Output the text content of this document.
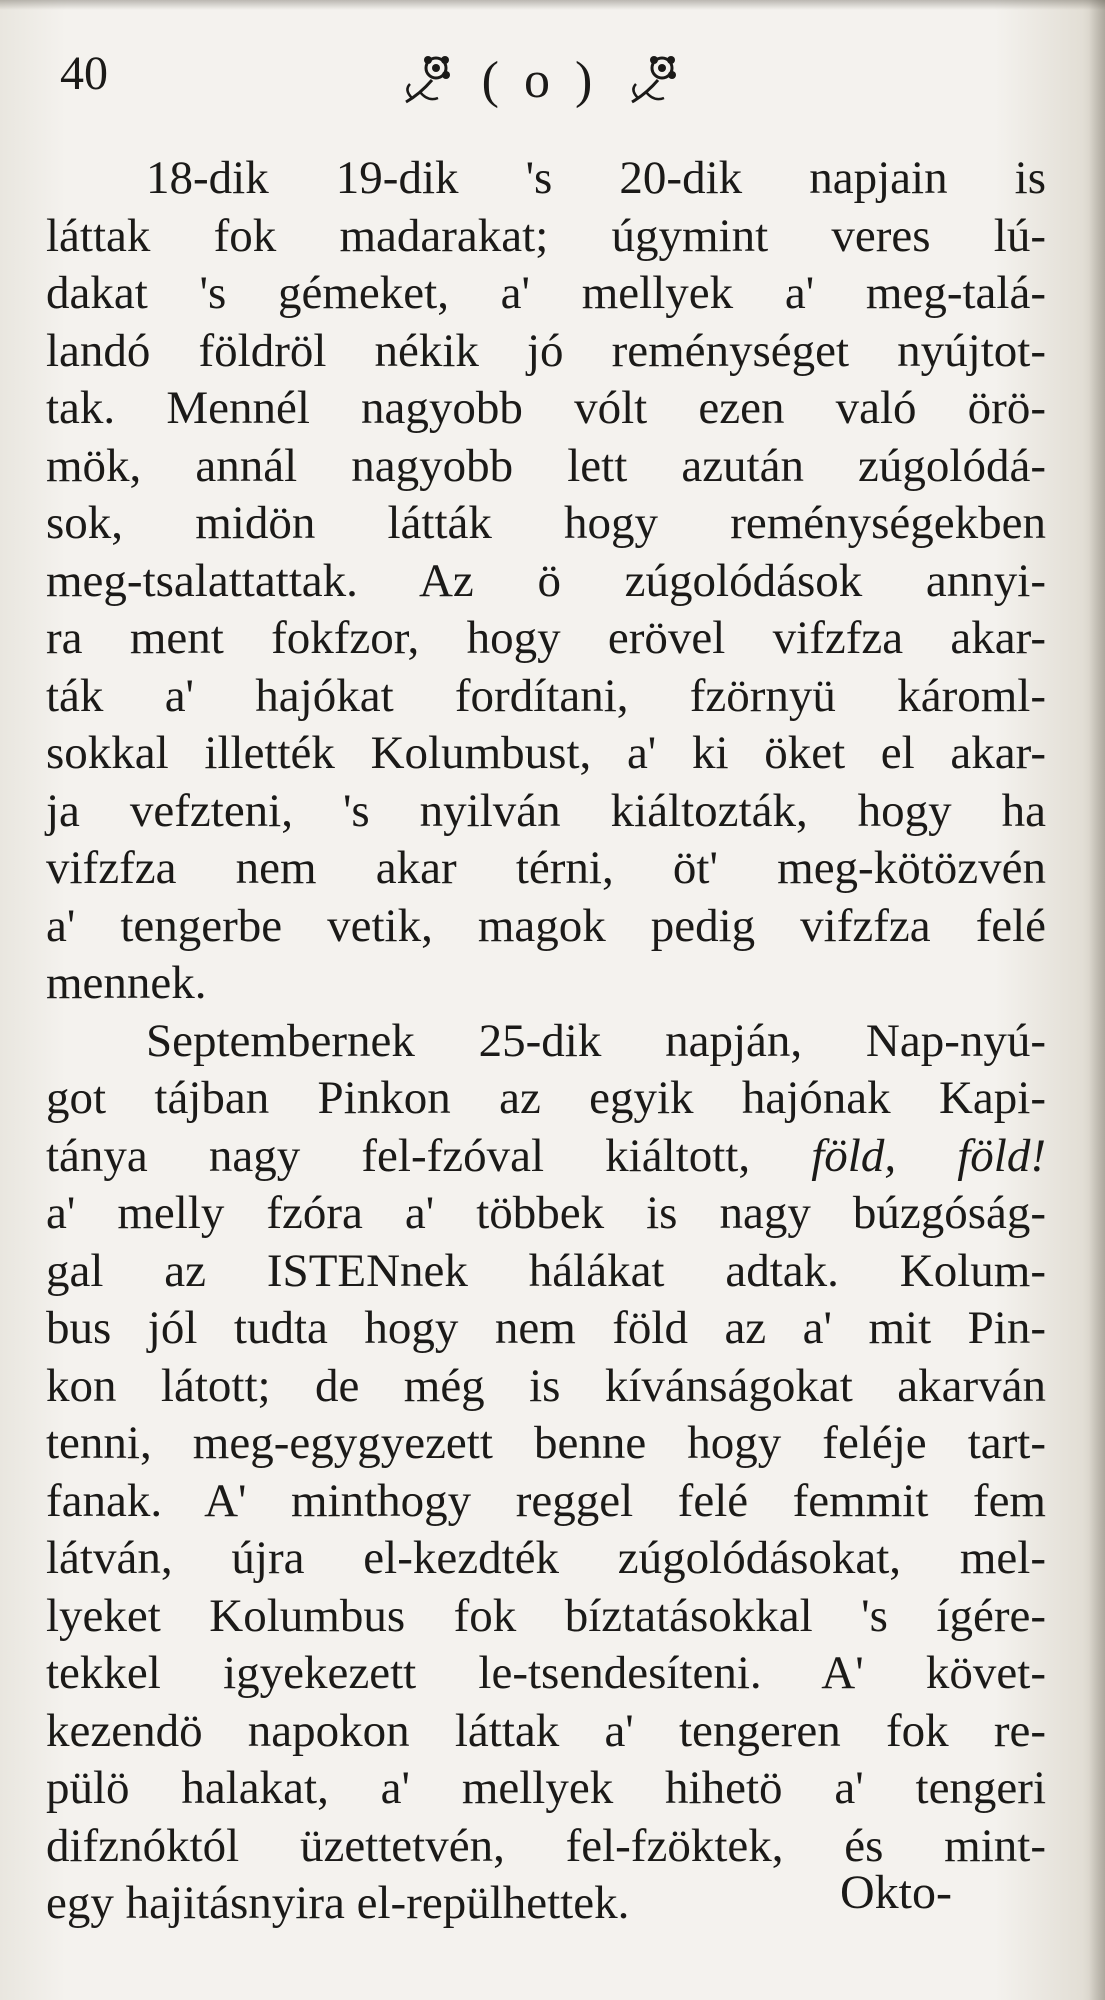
40	( o )
18-dik 19-dik 's 20-dik napjain is
láttak fok madarakat; úgymint veres lú-
dakat 's gémeket, a' mellyek a' meg-talá-
landó földröl nékik jó reménységet nyújtot-
tak. Mennél nagyobb vólt ezen való örö-
mök, annál nagyobb lett azután zúgolódá-
sok, midön látták hogy reménységekben
meg-tsalattattak. Az ö zúgolódások annyi-
ra ment fokfzor, hogy erövel vifzfza akar-
ták a' hajókat fordítani, fzörnyü károml-
sokkal illették Kolumbust, a' ki öket el akar-
ja vefzteni, 's nyilván kiáltozták, hogy ha
vifzfza nem akar térni, öt' meg-kötözvén
a' tengerbe vetik, magok pedig vifzfza felé
mennek.
Septembernek 25-dik napján, Nap-nyú-
got tájban Pinkon az egyik hajónak Kapi-
tánya nagy fel-fzóval kiáltott, föld, föld!
a' melly fzóra a' többek is nagy búzgóság-
gal az ISTENnek hálákat adtak. Kolum-
bus jól tudta hogy nem föld az a' mit Pin-
kon látott; de még is kívánságokat akarván
tenni, meg-egygyezett benne hogy feléje tart-
fanak. A' minthogy reggel felé femmit fem
látván, újra el-kezdték zúgolódásokat, mel-
lyeket Kolumbus fok bíztatásokkal 's ígére-
tekkel igyekezett le-tsendesíteni. A' követ-
kezendö napokon láttak a' tengeren fok re-
pülö halakat, a' mellyek hihetö a' tengeri
difznóktól üzettetvén, fel-fzöktek, és mint-
egy hajitásnyira el-repülhettek.	Okto-
